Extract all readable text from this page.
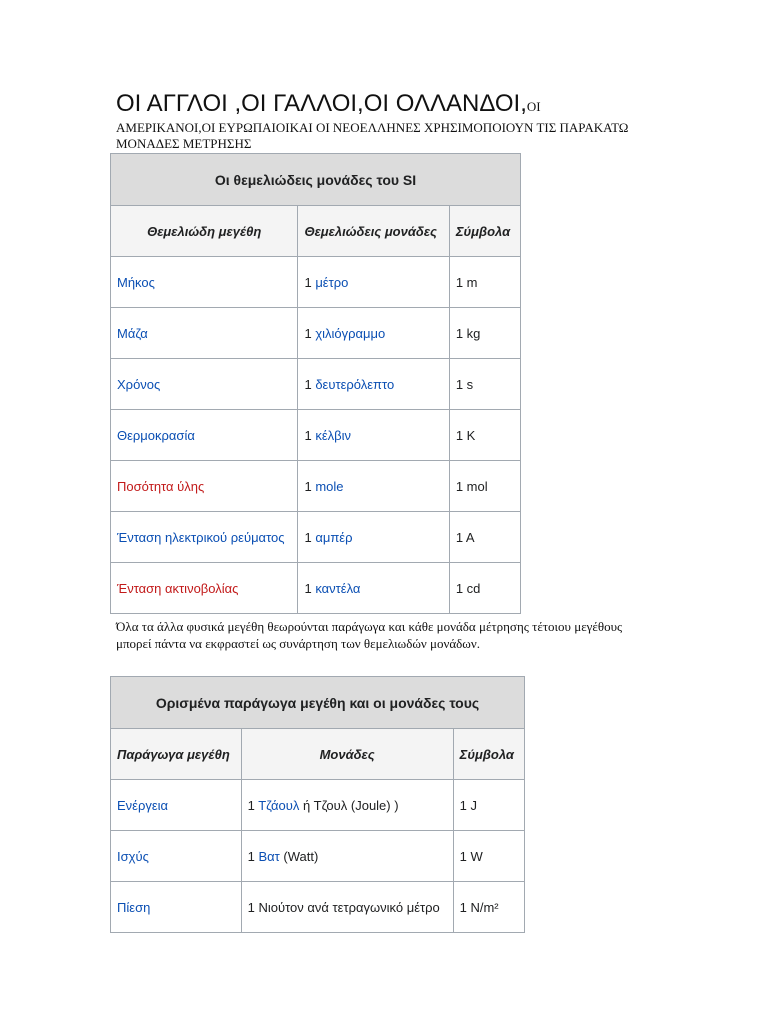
ΟΙ ΑΓΓΛΟΙ ,ΟΙ ΓΑΛΛΟΙ,ΟΙ ΟΛΛΑΝΔΟΙ,ΟΙ
ΑΜΕΡΙΚΑΝΟΙ,ΟΙ ΕΥΡΩΠΑΙΟΙΚΑΙ ΟΙ ΝΕΟΕΛΛΗΝΕΣ ΧΡΗΣΙΜΟΠΟΙΟΥΝ ΤΙΣ ΠΑΡΑΚΑΤΩ ΜΟΝΑΔΕΣ ΜΕΤΡΗΣΗΣ
Οι θεμελιώδεις μονάδες του SI		
Θεμελιώδη μεγέθη	Θεμελιώδεις μονάδες	Σύμβολα
Μήκος	1 μέτρο	1 m
Μάζα	1 χιλιόγραμμο	1 kg
Χρόνος	1 δευτερόλεπτο	1 s
Θερμοκρασία	1 κέλβιν	1 K
Ποσότητα ύλης	1 mole	1 mol
Ένταση ηλεκτρικού ρεύματος	1 αμπέρ	1 A
Ένταση ακτινοβολίας	1 καντέλα	1 cd
Όλα τα άλλα φυσικά μεγέθη θεωρούνται παράγωγα και κάθε μονάδα μέτρησης τέτοιου μεγέθους μπορεί πάντα να εκφραστεί ως συνάρτηση των θεμελιωδών μονάδων.
Ορισμένα παράγωγα μεγέθη και οι μονάδες τους		
Παράγωγα μεγέθη	Μονάδες	Σύμβολα
Ενέργεια	1 Τζάουλ ή Τζουλ (Joule) )	1 J
Ισχύς	1 Βατ (Watt)	1 W
Πίεση	1 Νιούτον ανά τετραγωνικό μέτρο	1 N/m²
